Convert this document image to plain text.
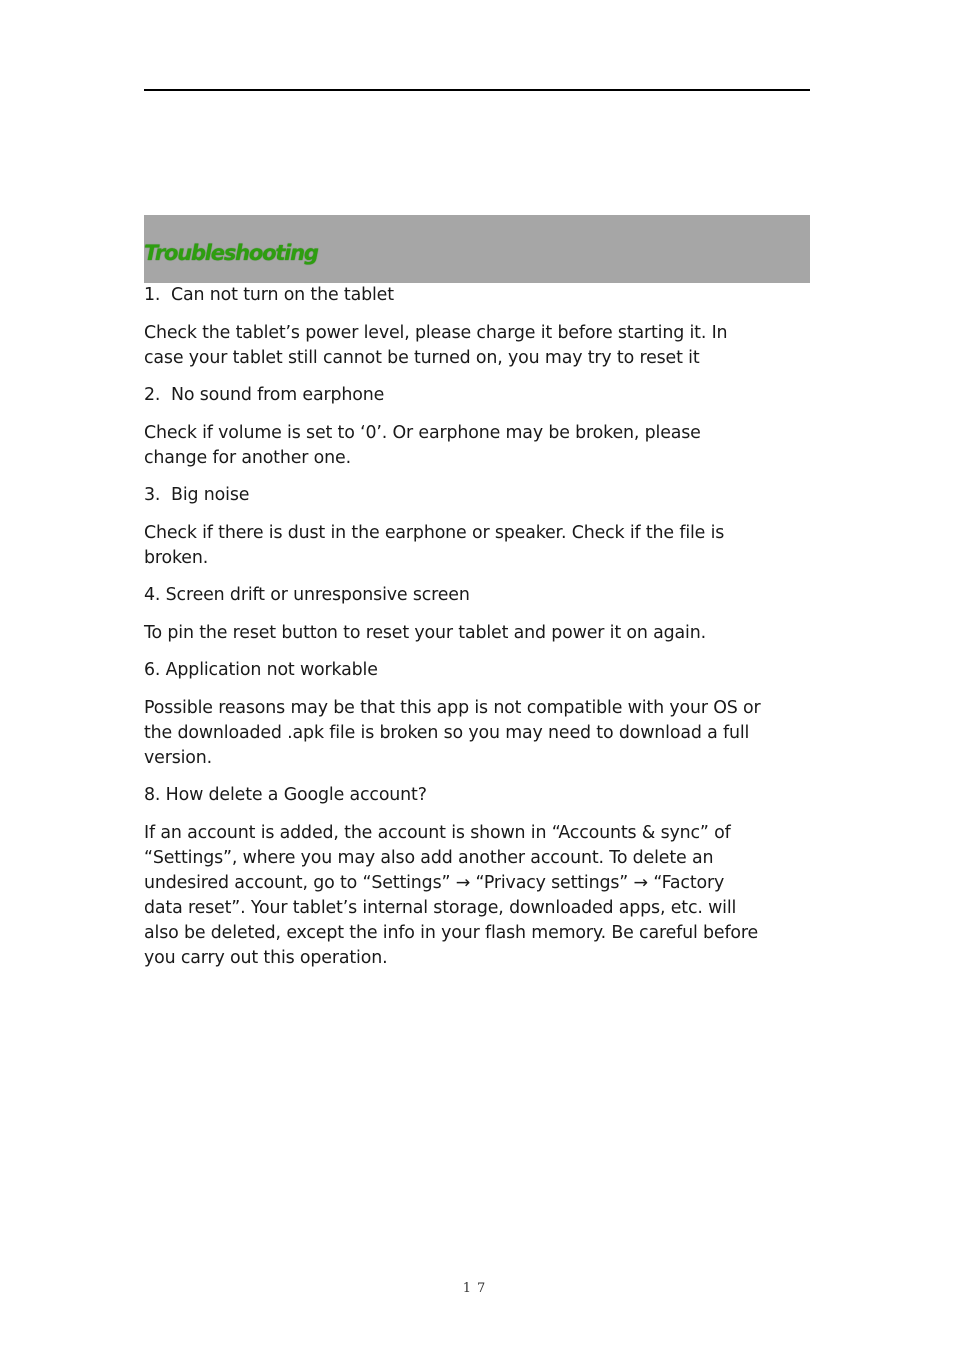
Troubleshooting

1.  Can not turn on the tablet

Check the tablet’s power level, please charge it before starting it. In
case your tablet still cannot be turned on, you may try to reset it

2.  No sound from earphone

Check if volume is set to ‘0’. Or earphone may be broken, please
change for another one.

3.  Big noise

Check if there is dust in the earphone or speaker. Check if the file is
broken.

4. Screen drift or unresponsive screen

To pin the reset button to reset your tablet and power it on again.

6. Application not workable

Possible reasons may be that this app is not compatible with your OS or
the downloaded .apk file is broken so you may need to download a full
version.

8. How delete a Google account?

If an account is added, the account is shown in “Accounts & sync” of
“Settings”, where you may also add another account. To delete an
undesired account, go to “Settings” → “Privacy settings” → “Factory
data reset”. Your tablet’s internal storage, downloaded apps, etc. will
also be deleted, except the info in your flash memory. Be careful before
you carry out this operation.

17
